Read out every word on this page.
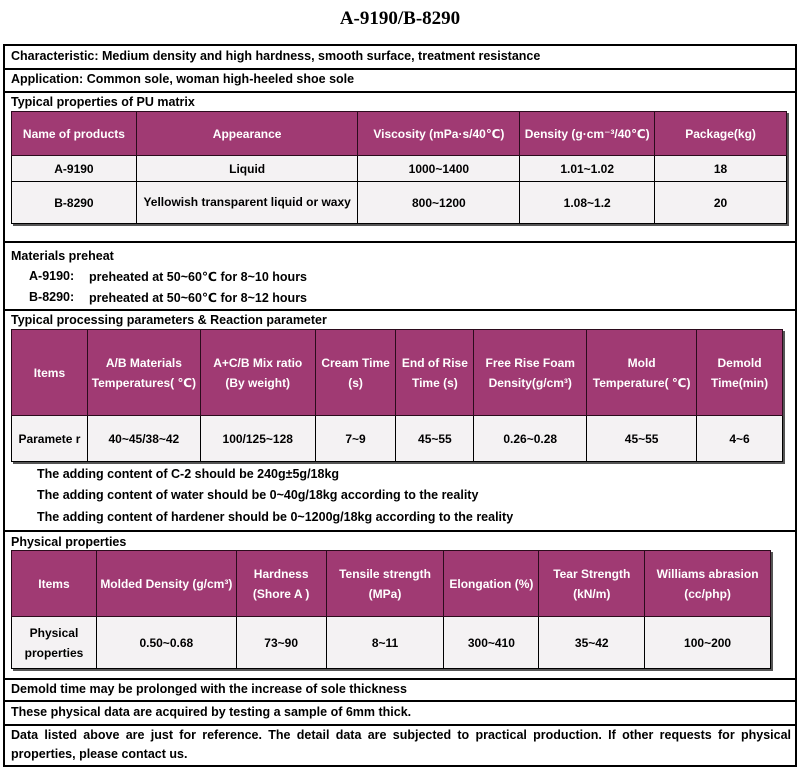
A-9190/B-8290
Characteristic: Medium density and high hardness, smooth surface, treatment resistance
Application: Common sole, woman high-heeled shoe sole
Typical properties of PU matrix
Name of products	Appearance	Viscosity (mPa·s/40℃)	Density (g·cm⁻³/40℃)	Package(kg)
A-9190	Liquid	1000~1400	1.01~1.02	18
B-8290	Yellowish transparent liquid or waxy	800~1200	1.08~1.2	20
Materials preheat
A-9190: preheated at 50~60℃ for 8~10 hours
B-8290: preheated at 50~60℃ for 8~12 hours
Typical processing parameters & Reaction parameter
Items	A/B Materials Temperatures( ℃)	A+C/B Mix ratio (By weight)	Cream Time (s)	End of Rise Time (s)	Free Rise Foam Density(g/cm³)	Mold Temperature( ℃)	Demold Time(min)
Paramete r	40~45/38~42	100/125~128	7~9	45~55	0.26~0.28	45~55	4~6
The adding content of C-2 should be 240g±5g/18kg
The adding content of water should be 0~40g/18kg according to the reality
The adding content of hardener should be 0~1200g/18kg according to the reality
Physical properties
Items	Molded Density (g/cm³)	Hardness (Shore A )	Tensile strength (MPa)	Elongation (%)	Tear Strength (kN/m)	Williams abrasion (cc/php)
Physical properties	0.50~0.68	73~90	8~11	300~410	35~42	100~200
Demold time may be prolonged with the increase of sole thickness
These physical data are acquired by testing a sample of 6mm thick.
Data listed above are just for reference. The detail data are subjected to practical production. If other requests for physical properties, please contact us.
